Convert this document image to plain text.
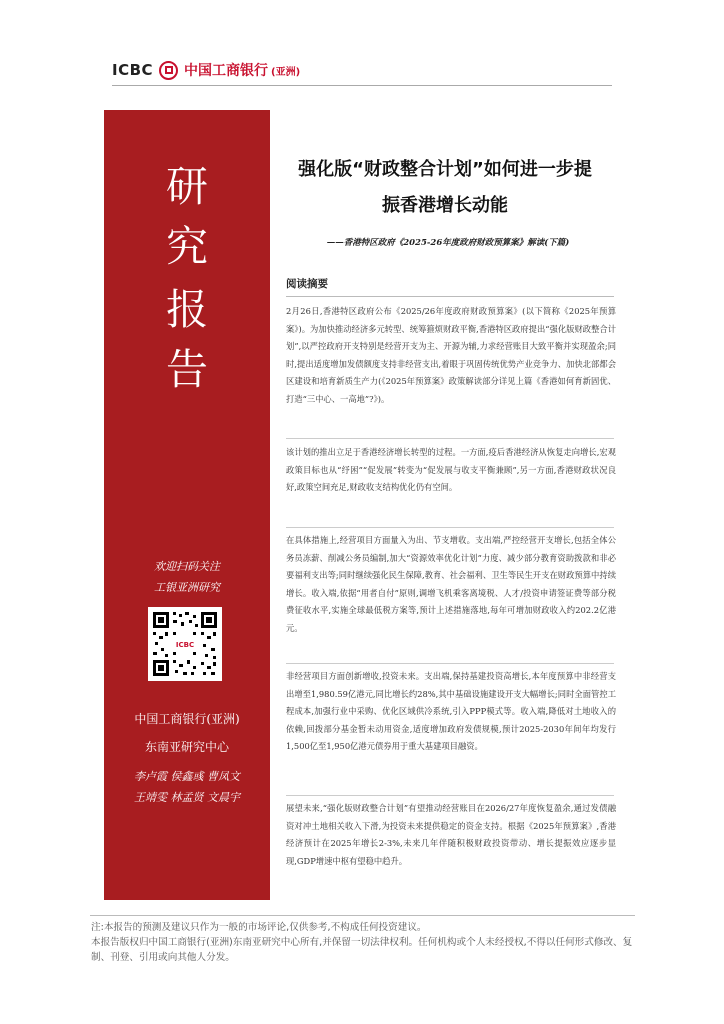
ICBC 中国工商银行 (亚洲)
研
究
报
告
欢迎扫码关注
工银亚洲研究
ICBC
中国工商银行(亚洲)
东南亚研究中心
李卢霞 侯鑫彧 曹凤文
王靖雯 林孟贤 文晨宇
强化版“财政整合计划”如何进一步提
振香港增长动能
——香港特区政府《2025-26年度政府财政预算案》解读(下篇)
阅读摘要
2月26日,香港特区政府公布《2025/26年度政府财政预算案》(以下简称《2025年预算案》)。为加快推动经济多元转型、统筹箍烦财政平衡,香港特区政府提出“强化版财政整合计划”,以严控政府开支特别是经营开支为主、开源为辅,力求经营账目大致平衡并实现盈余;同时,提出适度增加发债额度支持非经营支出,着眼于巩固传统优势产业竞争力、加快北部都会区建设和培育新质生产力(《2025年预算案》政策解读部分详见上篇《香港如何育新固优、打造“三中心、一高地”?》)。
该计划的推出立足于香港经济增长转型的过程。一方面,疫后香港经济从恢复走向增长,宏观政策目标也从“纾困”“促发展”转变为“促发展与收支平衡兼顾”,另一方面,香港财政状况良好,政策空间充足,财政收支结构优化仍有空间。
在具体措施上,经营项目方面量入为出、节支增收。支出端,严控经营开支增长,包括全体公务员冻薪、削减公务员编制,加大“资源效率优化计划”力度、减少部分教育资助拨款和非必要福利支出等;同时继续强化民生保障,教育、社会福利、卫生等民生开支在财政预算中持续增长。收入端,依据“用者自付”原则,调增飞机乘客离境税、人才/投资申请签证费等部分税费征收水平,实施全球最低税方案等,预计上述措施落地,每年可增加财政收入约202.2亿港元。
非经营项目方面创新增收,投资未来。支出端,保持基建投资高增长,本年度预算中非经营支出增至1,980.59亿港元,同比增长约28%,其中基础设施建设开支大幅增长;同时全面管控工程成本,加强行业中采购、优化区域供冷系统,引入PPP模式等。收入端,降低对土地收入的依赖,回拨部分基金暂未动用资金,适度增加政府发债规模,预计2025-2030年间年均发行1,500亿至1,950亿港元债券用于重大基建项目融资。
展望未来,“强化版财政整合计划”有望推动经营账目在2026/27年度恢复盈余,通过发债融资对冲土地相关收入下滑,为投资未来提供稳定的资金支持。根据《2025年预算案》,香港经济预计在2025年增长2-3%,未来几年伴随积极财政投资带动、增长提振效应逐步显现,GDP增速中枢有望稳中趋升。
注:本报告的预测及建议只作为一般的市场评论,仅供参考,不构成任何投资建议。
本报告版权归中国工商银行(亚洲)东南亚研究中心所有,并保留一切法律权利。任何机构或个人未经授权,不得以任何形式修改、复制、刊登、引用或向其他人分发。
